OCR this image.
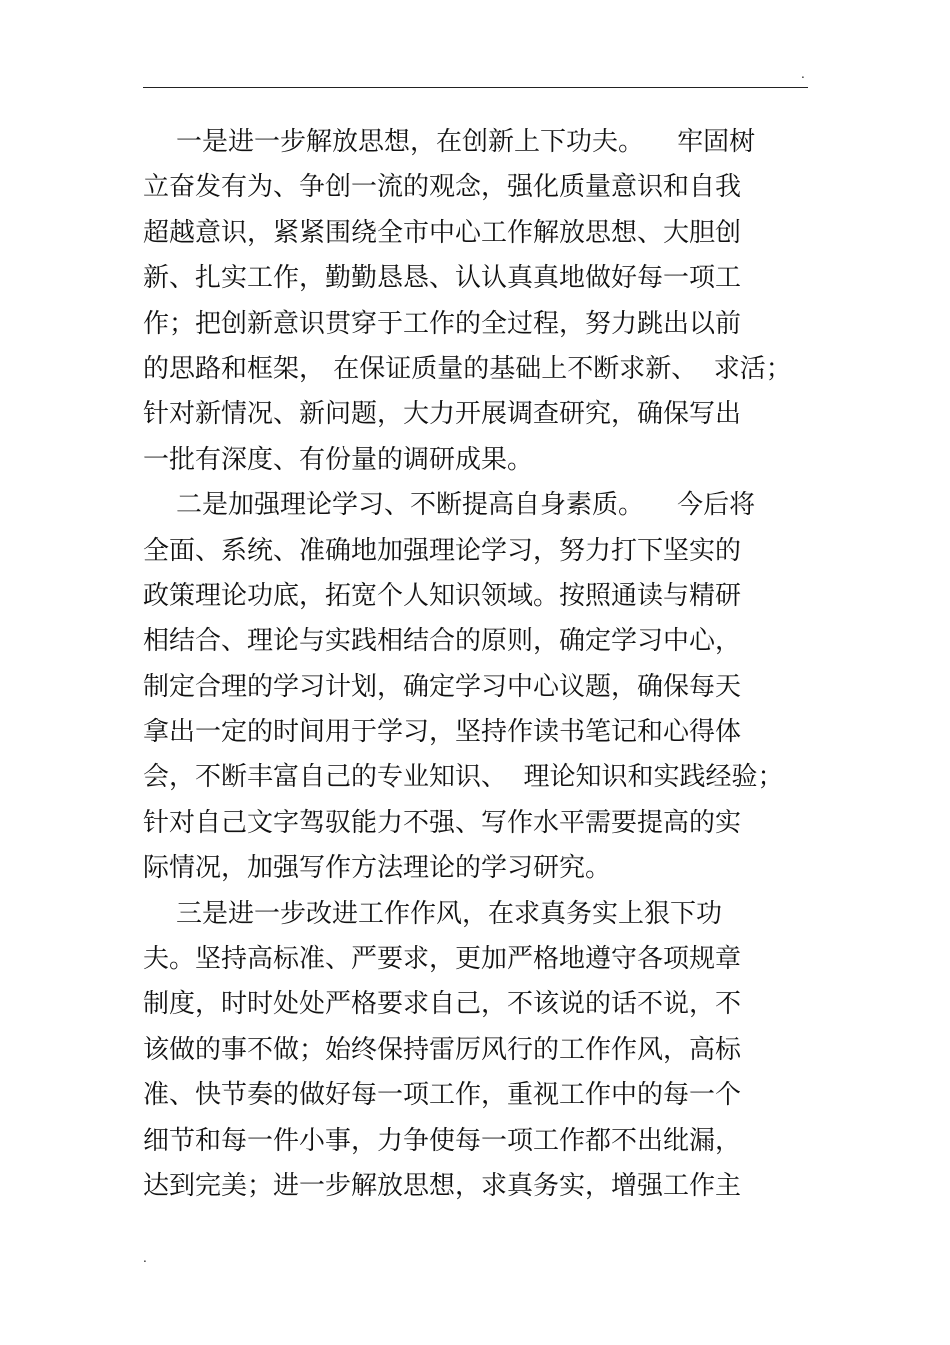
.
一是进一步解放思想，在创新上下功夫。    牢固树
立奋发有为、争创一流的观念，强化质量意识和自我
超越意识，紧紧围绕全市中心工作解放思想、大胆创
新、扎实工作，勤勤恳恳、认认真真地做好每一项工
作；把创新意识贯穿于工作的全过程，努力跳出以前
的思路和框架， 在保证质量的基础上不断求新、  求活；
针对新情况、新问题，大力开展调查研究，确保写出
一批有深度、有份量的调研成果。
二是加强理论学习、不断提高自身素质。    今后将
全面、系统、准确地加强理论学习，努力打下坚实的
政策理论功底，拓宽个人知识领域。按照通读与精研
相结合、理论与实践相结合的原则，确定学习中心，
制定合理的学习计划，确定学习中心议题，确保每天
拿出一定的时间用于学习，坚持作读书笔记和心得体
会，不断丰富自己的专业知识、  理论知识和实践经验；
针对自己文字驾驭能力不强、写作水平需要提高的实
际情况，加强写作方法理论的学习研究。
三是进一步改进工作作风，在求真务实上狠下功
夫。坚持高标准、严要求，更加严格地遵守各项规章
制度，时时处处严格要求自己，不该说的话不说，不
该做的事不做；始终保持雷厉风行的工作作风，高标
准、快节奏的做好每一项工作，重视工作中的每一个
细节和每一件小事，力争使每一项工作都不出纰漏，
达到完美；进一步解放思想，求真务实，增强工作主
.
